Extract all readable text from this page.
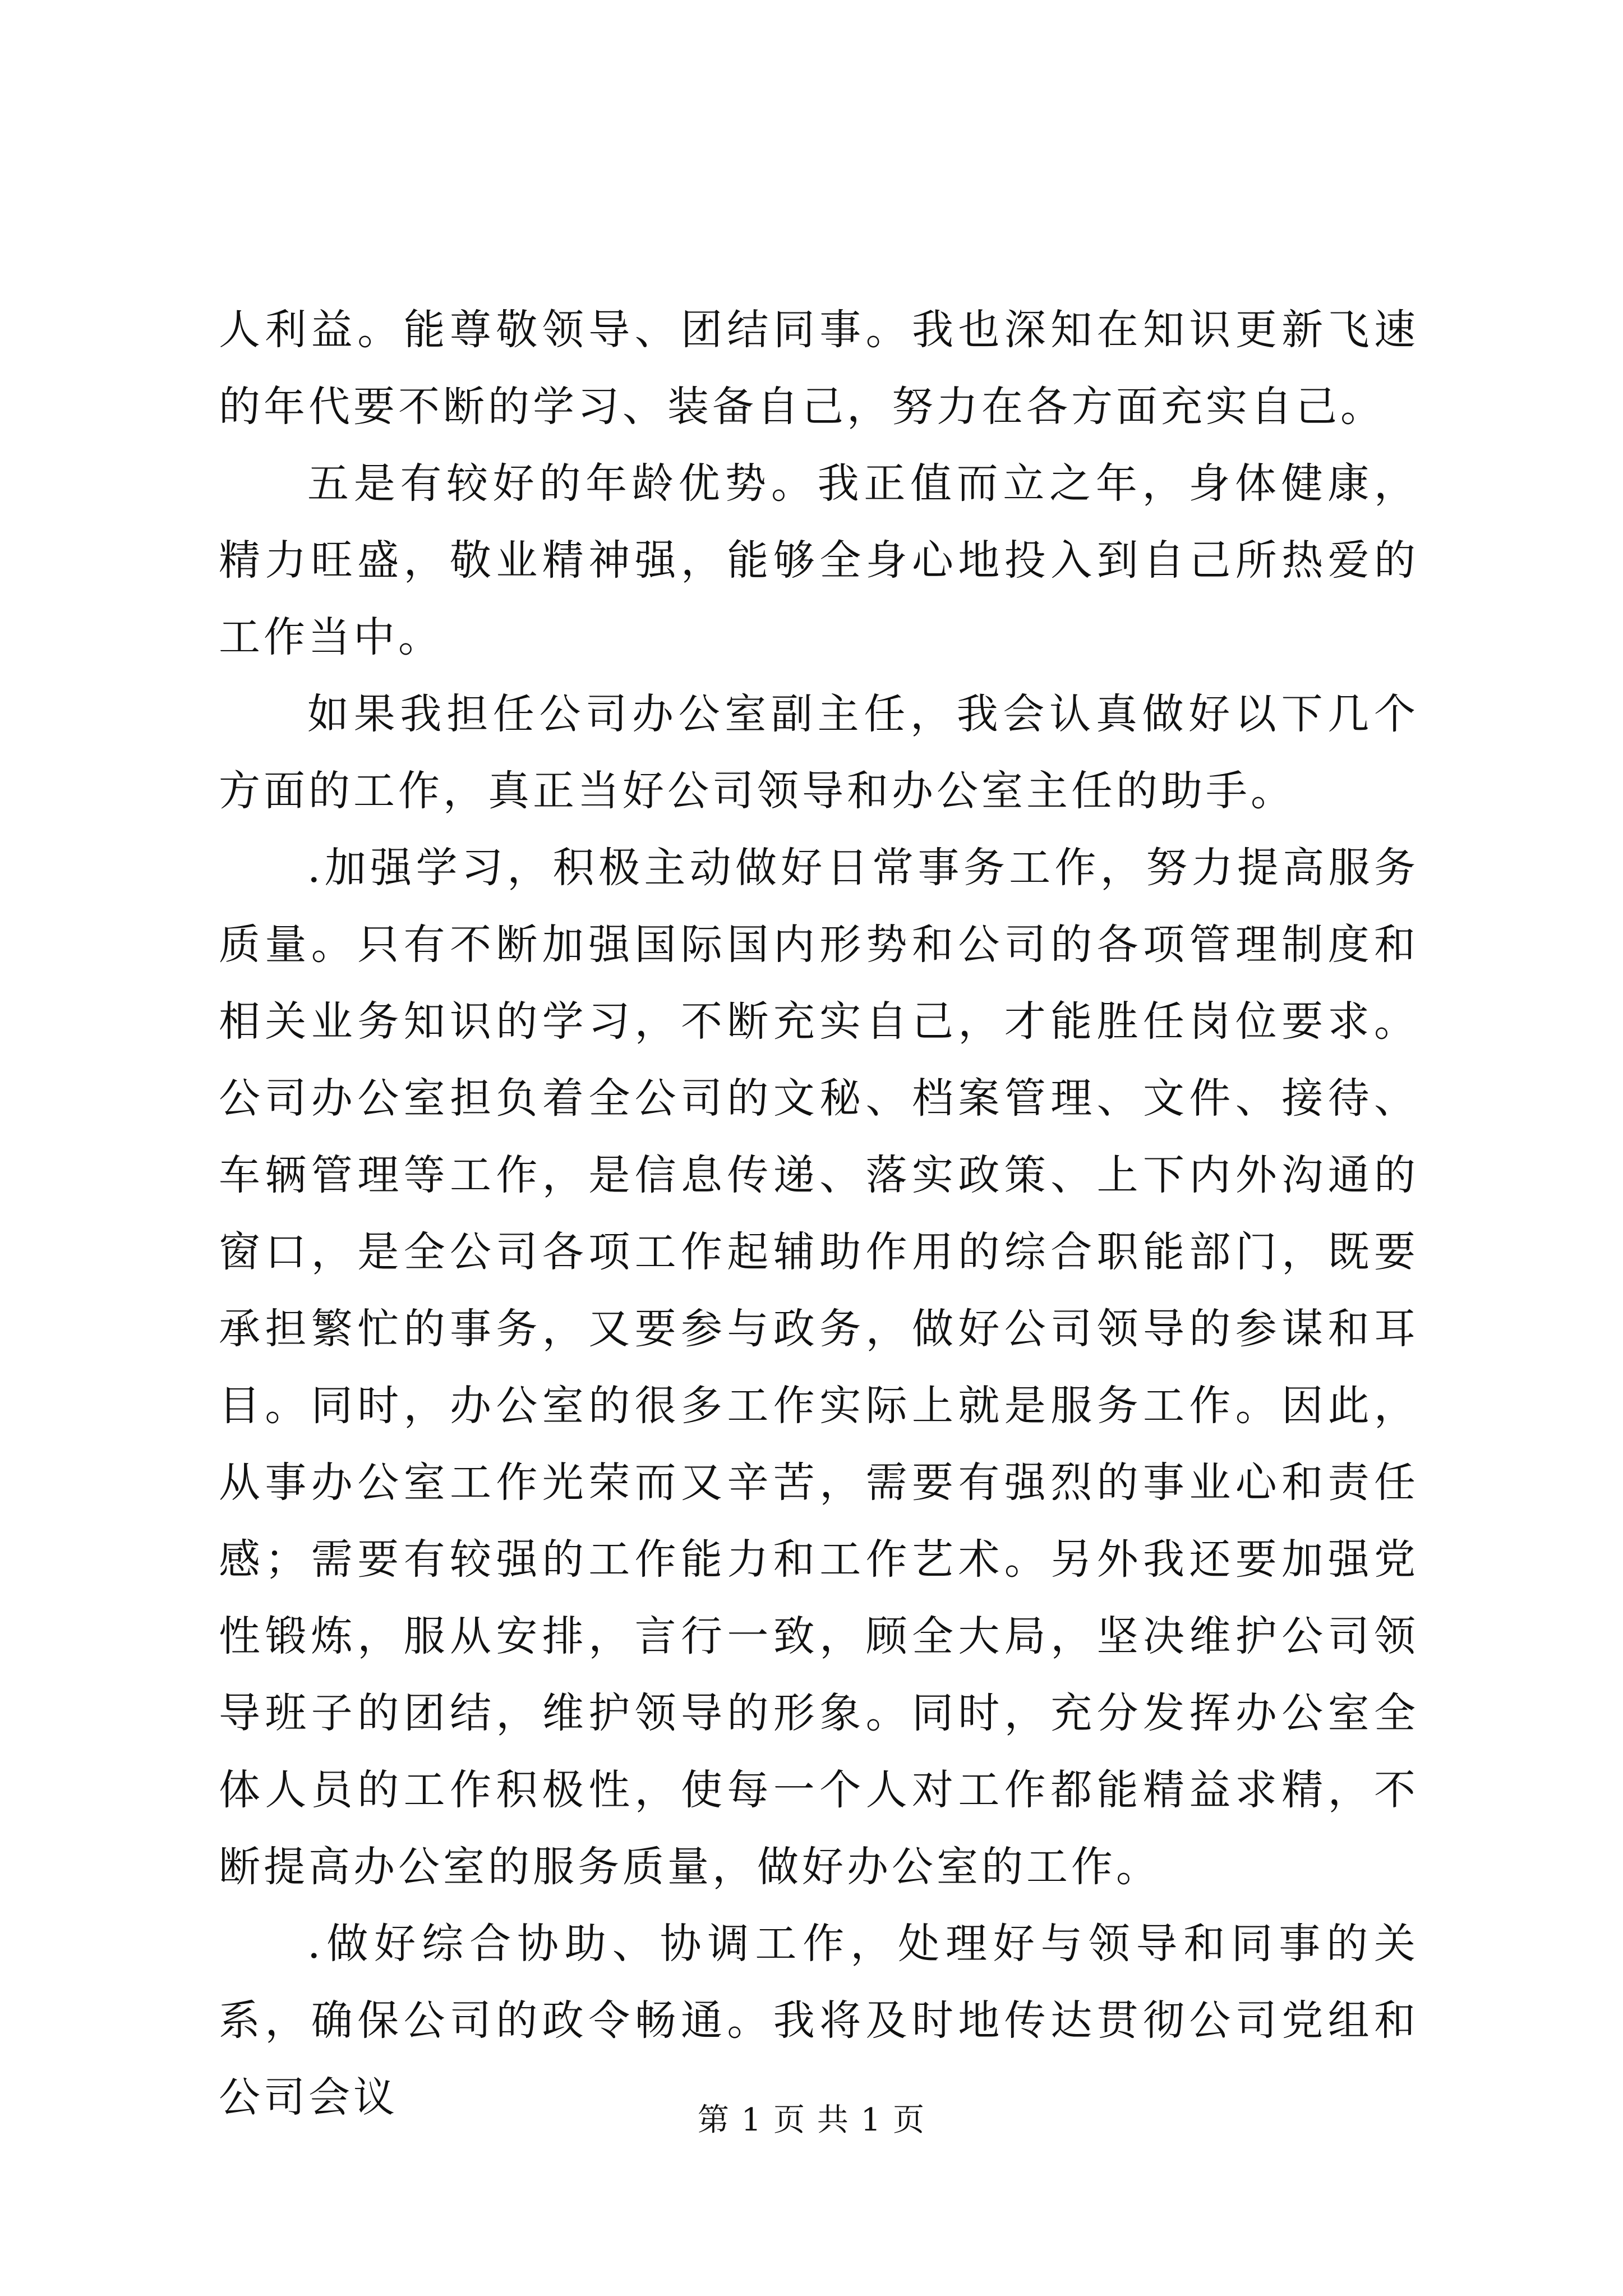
人利益。能尊敬领导、团结同事。我也深知在知识更新飞速的年代要不断的学习、装备自己，努力在各方面充实自己。

五是有较好的年龄优势。我正值而立之年，身体健康，精力旺盛，敬业精神强，能够全身心地投入到自己所热爱的工作当中。

如果我担任公司办公室副主任，我会认真做好以下几个方面的工作，真正当好公司领导和办公室主任的助手。

.加强学习，积极主动做好日常事务工作，努力提高服务质量。只有不断加强国际国内形势和公司的各项管理制度和相关业务知识的学习，不断充实自己，才能胜任岗位要求。公司办公室担负着全公司的文秘、档案管理、文件、接待、车辆管理等工作，是信息传递、落实政策、上下内外沟通的窗口，是全公司各项工作起辅助作用的综合职能部门，既要承担繁忙的事务，又要参与政务，做好公司领导的参谋和耳目。同时，办公室的很多工作实际上就是服务工作。因此，从事办公室工作光荣而又辛苦，需要有强烈的事业心和责任感；需要有较强的工作能力和工作艺术。另外我还要加强党性锻炼，服从安排，言行一致，顾全大局，坚决维护公司领导班子的团结，维护领导的形象。同时，充分发挥办公室全体人员的工作积极性，使每一个人对工作都能精益求精，不断提高办公室的服务质量，做好办公室的工作。

.做好综合协助、协调工作，处理好与领导和同事的关系，确保公司的政令畅通。我将及时地传达贯彻公司党组和公司会议	第 1 页 共 1 页
